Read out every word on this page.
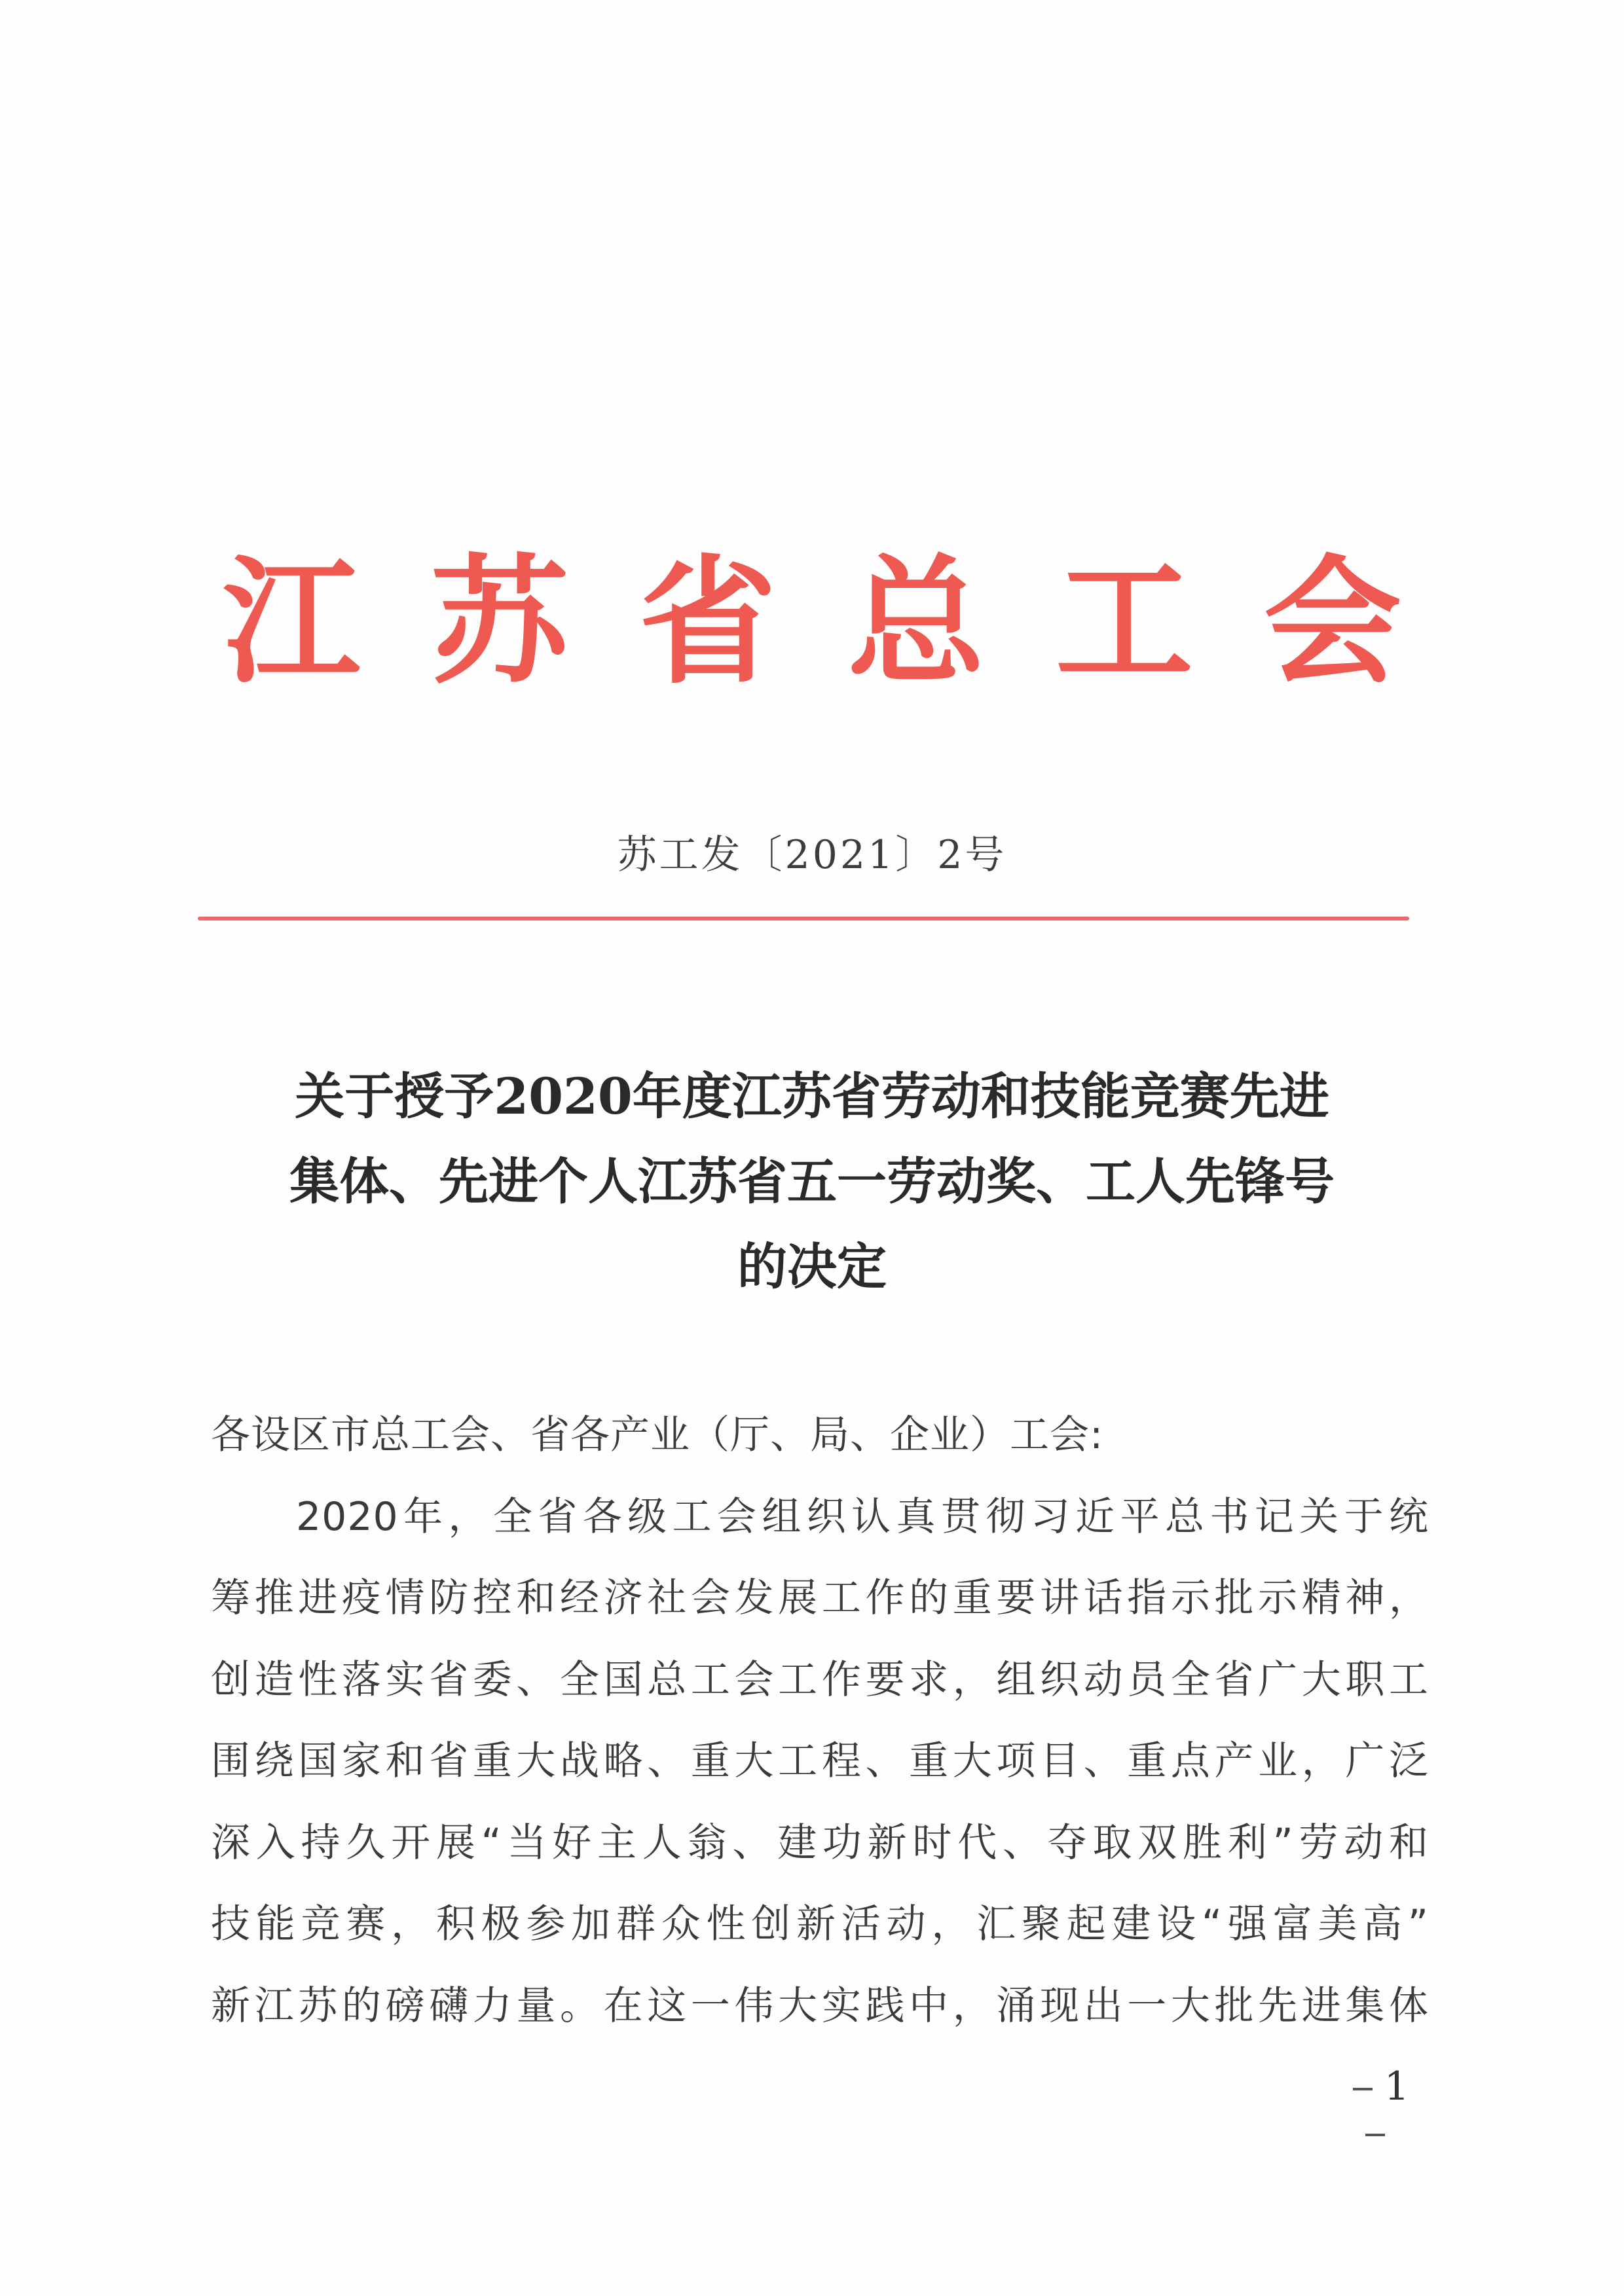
江 苏 省 总 工 会
苏工发〔2021〕2号
关于授予2020年度江苏省劳动和技能竞赛先进
集体、先进个人江苏省五一劳动奖、工人先锋号
的决定
各设区市总工会、省各产业（厅、局、企业）工会:
2020年，全省各级工会组织认真贯彻习近平总书记关于统
筹推进疫情防控和经济社会发展工作的重要讲话指示批示精神，
创造性落实省委、全国总工会工作要求，组织动员全省广大职工
围绕国家和省重大战略、重大工程、重大项目、重点产业，广泛
深入持久开展“当好主人翁、建功新时代、夺取双胜利”劳动和
技能竞赛，积极参加群众性创新活动，汇聚起建设“强富美高”
新江苏的磅礴力量。在这一伟大实践中，涌现出一大批先进集体
1
